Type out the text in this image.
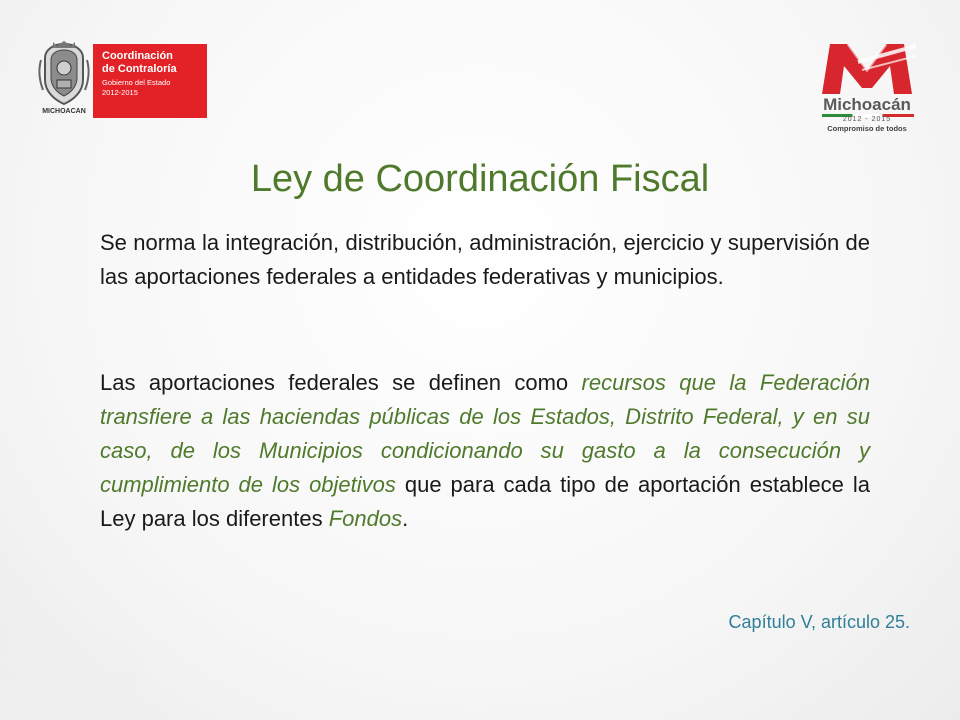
MICHOACAN
Coordinación
de Contraloría
Gobierno del Estado
2012-2015
Michoacán
2012 - 2015
Compromiso de todos
Ley de Coordinación Fiscal

Se norma la integración, distribución, administración, ejercicio y supervisión de las aportaciones federales a entidades federativas y municipios.

Las aportaciones federales se definen como recursos que la Federación transfiere a las haciendas públicas de los Estados, Distrito Federal, y en su caso, de los Municipios condicionando su gasto a la consecución y cumplimiento de los objetivos que para cada tipo de aportación establece la Ley para los diferentes Fondos.

Capítulo V, artículo 25.
